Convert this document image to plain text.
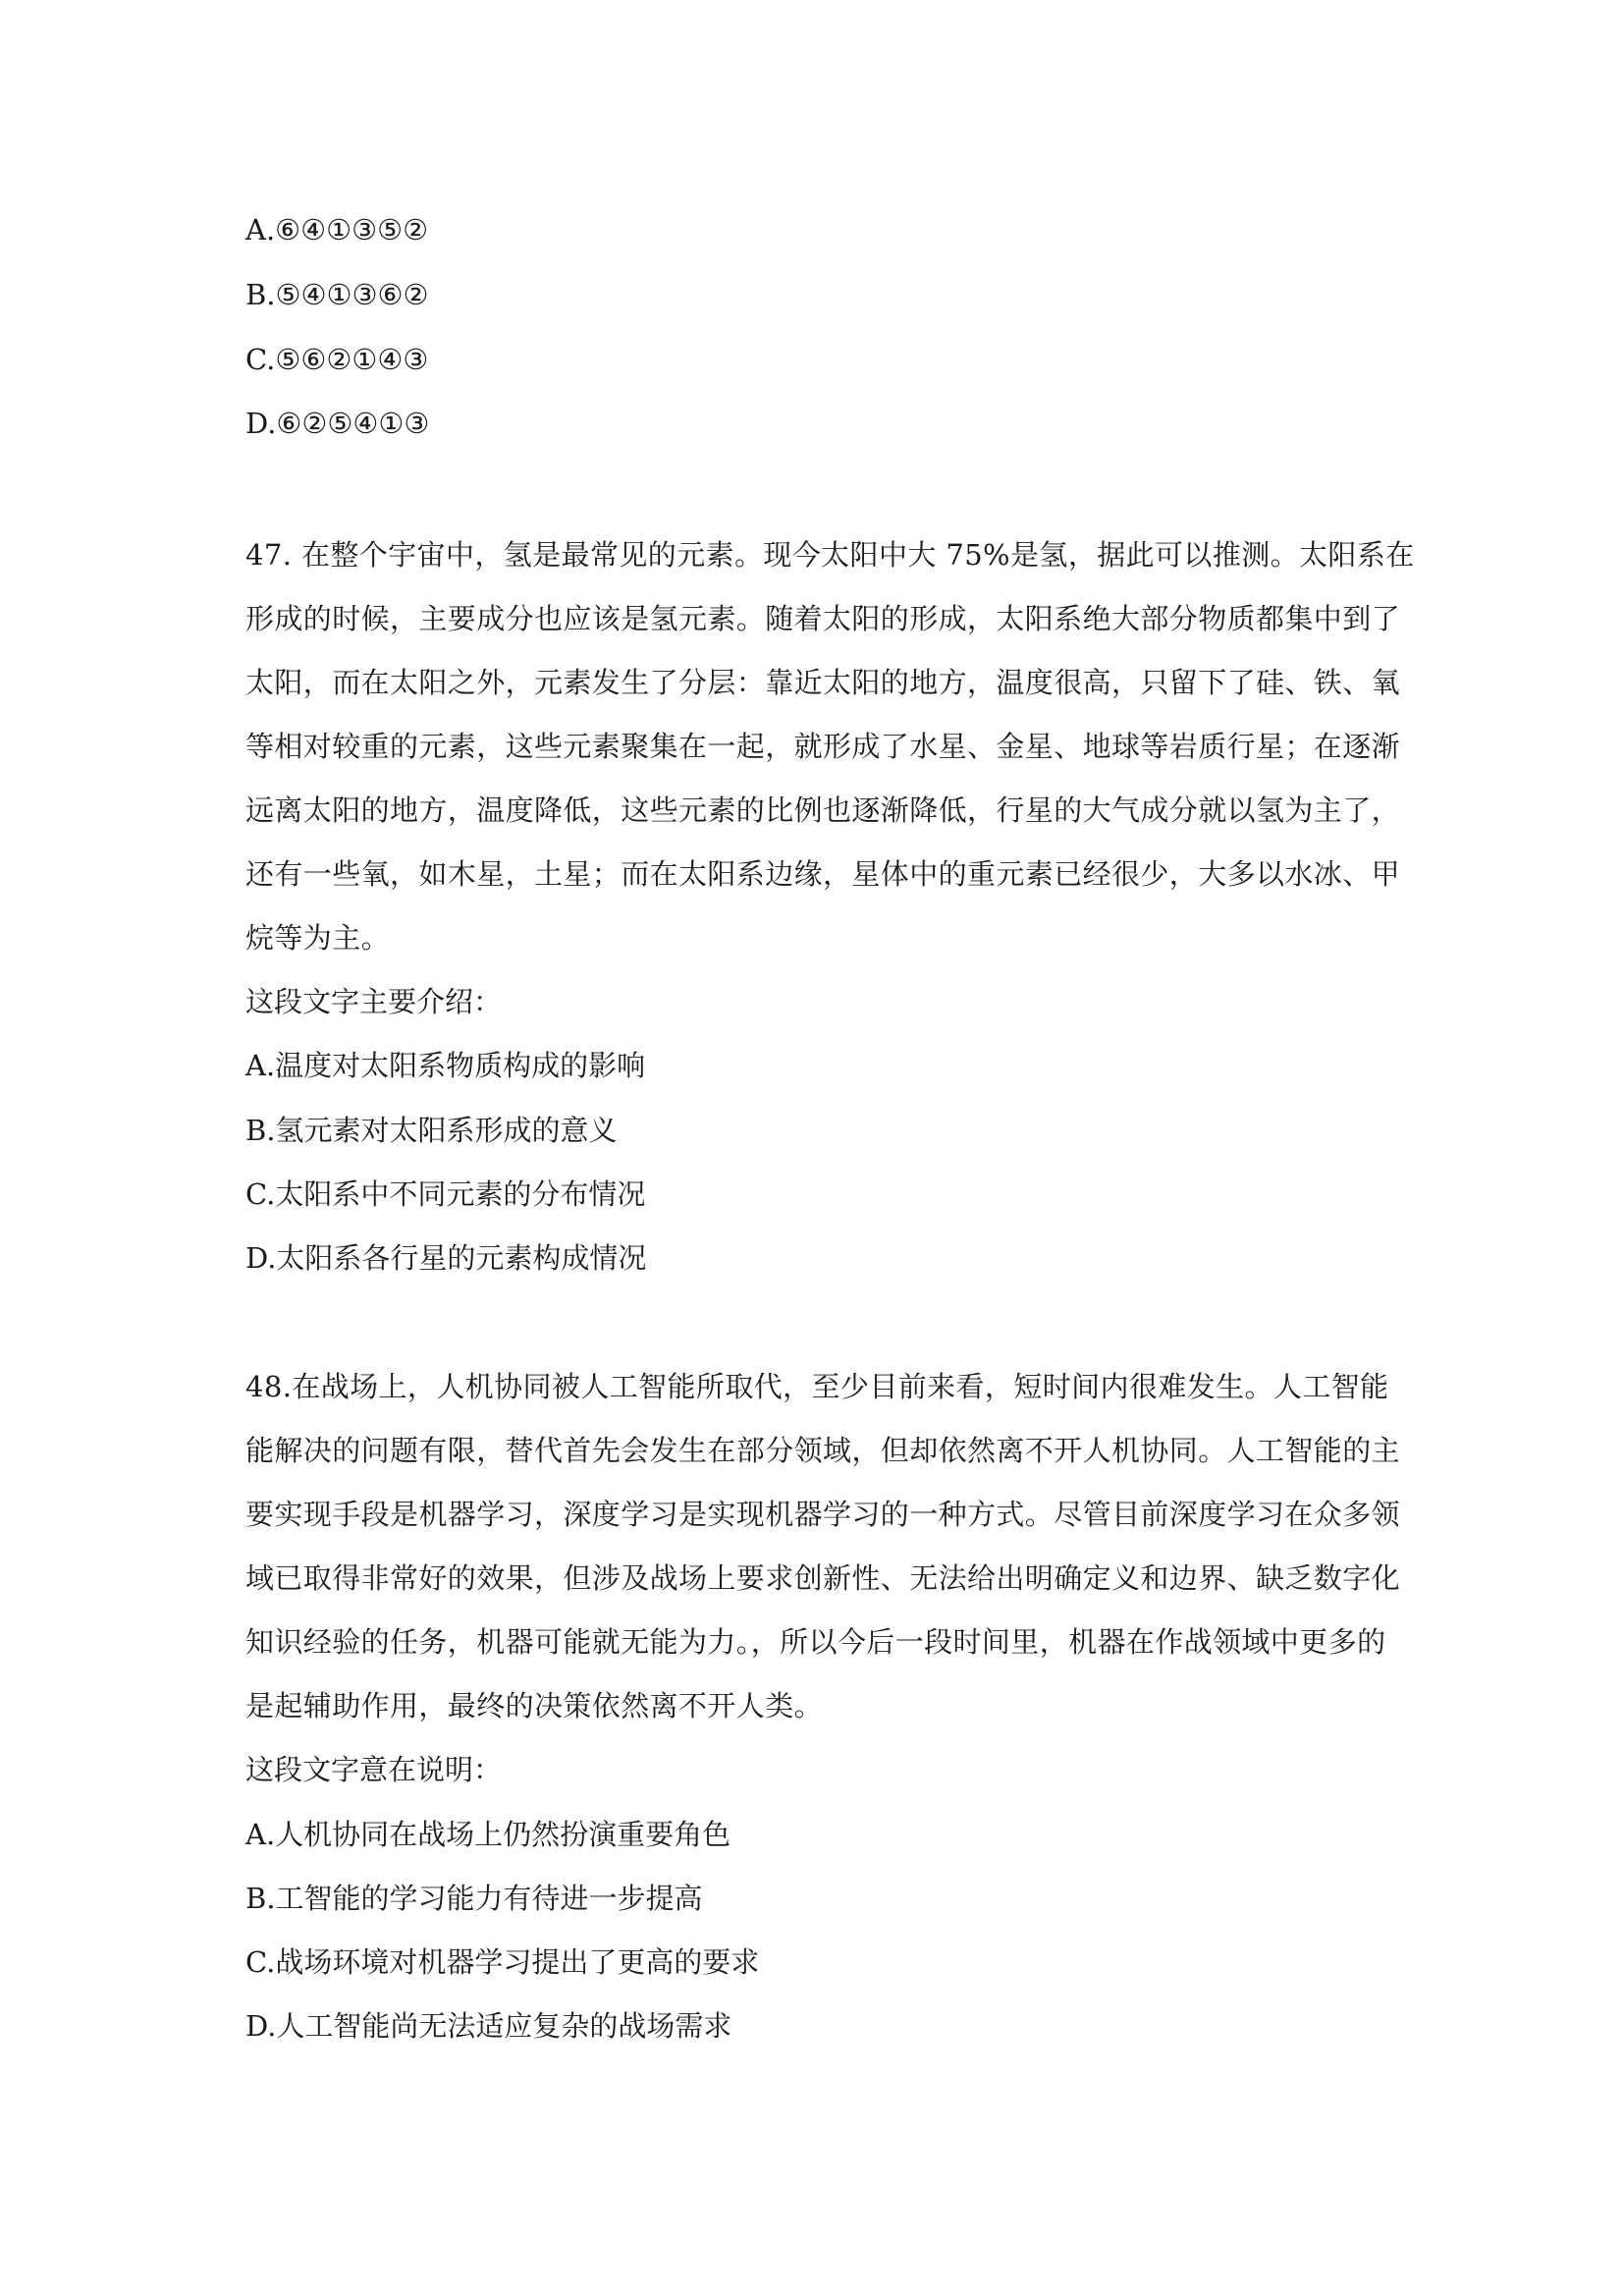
A.⑥④①③⑤②
B.⑤④①③⑥②
C.⑤⑥②①④③
D.⑥②⑤④①③
47. 在整个宇宙中，氢是最常见的元素。现今太阳中大 75%是氢，据此可以推测。太阳系在
形成的时候，主要成分也应该是氢元素。随着太阳的形成，太阳系绝大部分物质都集中到了
太阳，而在太阳之外，元素发生了分层：靠近太阳的地方，温度很高，只留下了硅、铁、氧
等相对较重的元素，这些元素聚集在一起，就形成了水星、金星、地球等岩质行星；在逐渐
远离太阳的地方，温度降低，这些元素的比例也逐渐降低，行星的大气成分就以氢为主了，
还有一些氧，如木星，土星；而在太阳系边缘，星体中的重元素已经很少，大多以水冰、甲
烷等为主。
这段文字主要介绍：
A.温度对太阳系物质构成的影响
B.氢元素对太阳系形成的意义
C.太阳系中不同元素的分布情况
D.太阳系各行星的元素构成情况
48.在战场上，人机协同被人工智能所取代，至少目前来看，短时间内很难发生。人工智能
能解决的问题有限，替代首先会发生在部分领域，但却依然离不开人机协同。人工智能的主
要实现手段是机器学习，深度学习是实现机器学习的一种方式。尽管目前深度学习在众多领
域已取得非常好的效果，但涉及战场上要求创新性、无法给出明确定义和边界、缺乏数字化
知识经验的任务，机器可能就无能为力。，所以今后一段时间里，机器在作战领域中更多的
是起辅助作用，最终的决策依然离不开人类。
这段文字意在说明：
A.人机协同在战场上仍然扮演重要角色
B.工智能的学习能力有待进一步提高
C.战场环境对机器学习提出了更高的要求
D.人工智能尚无法适应复杂的战场需求
